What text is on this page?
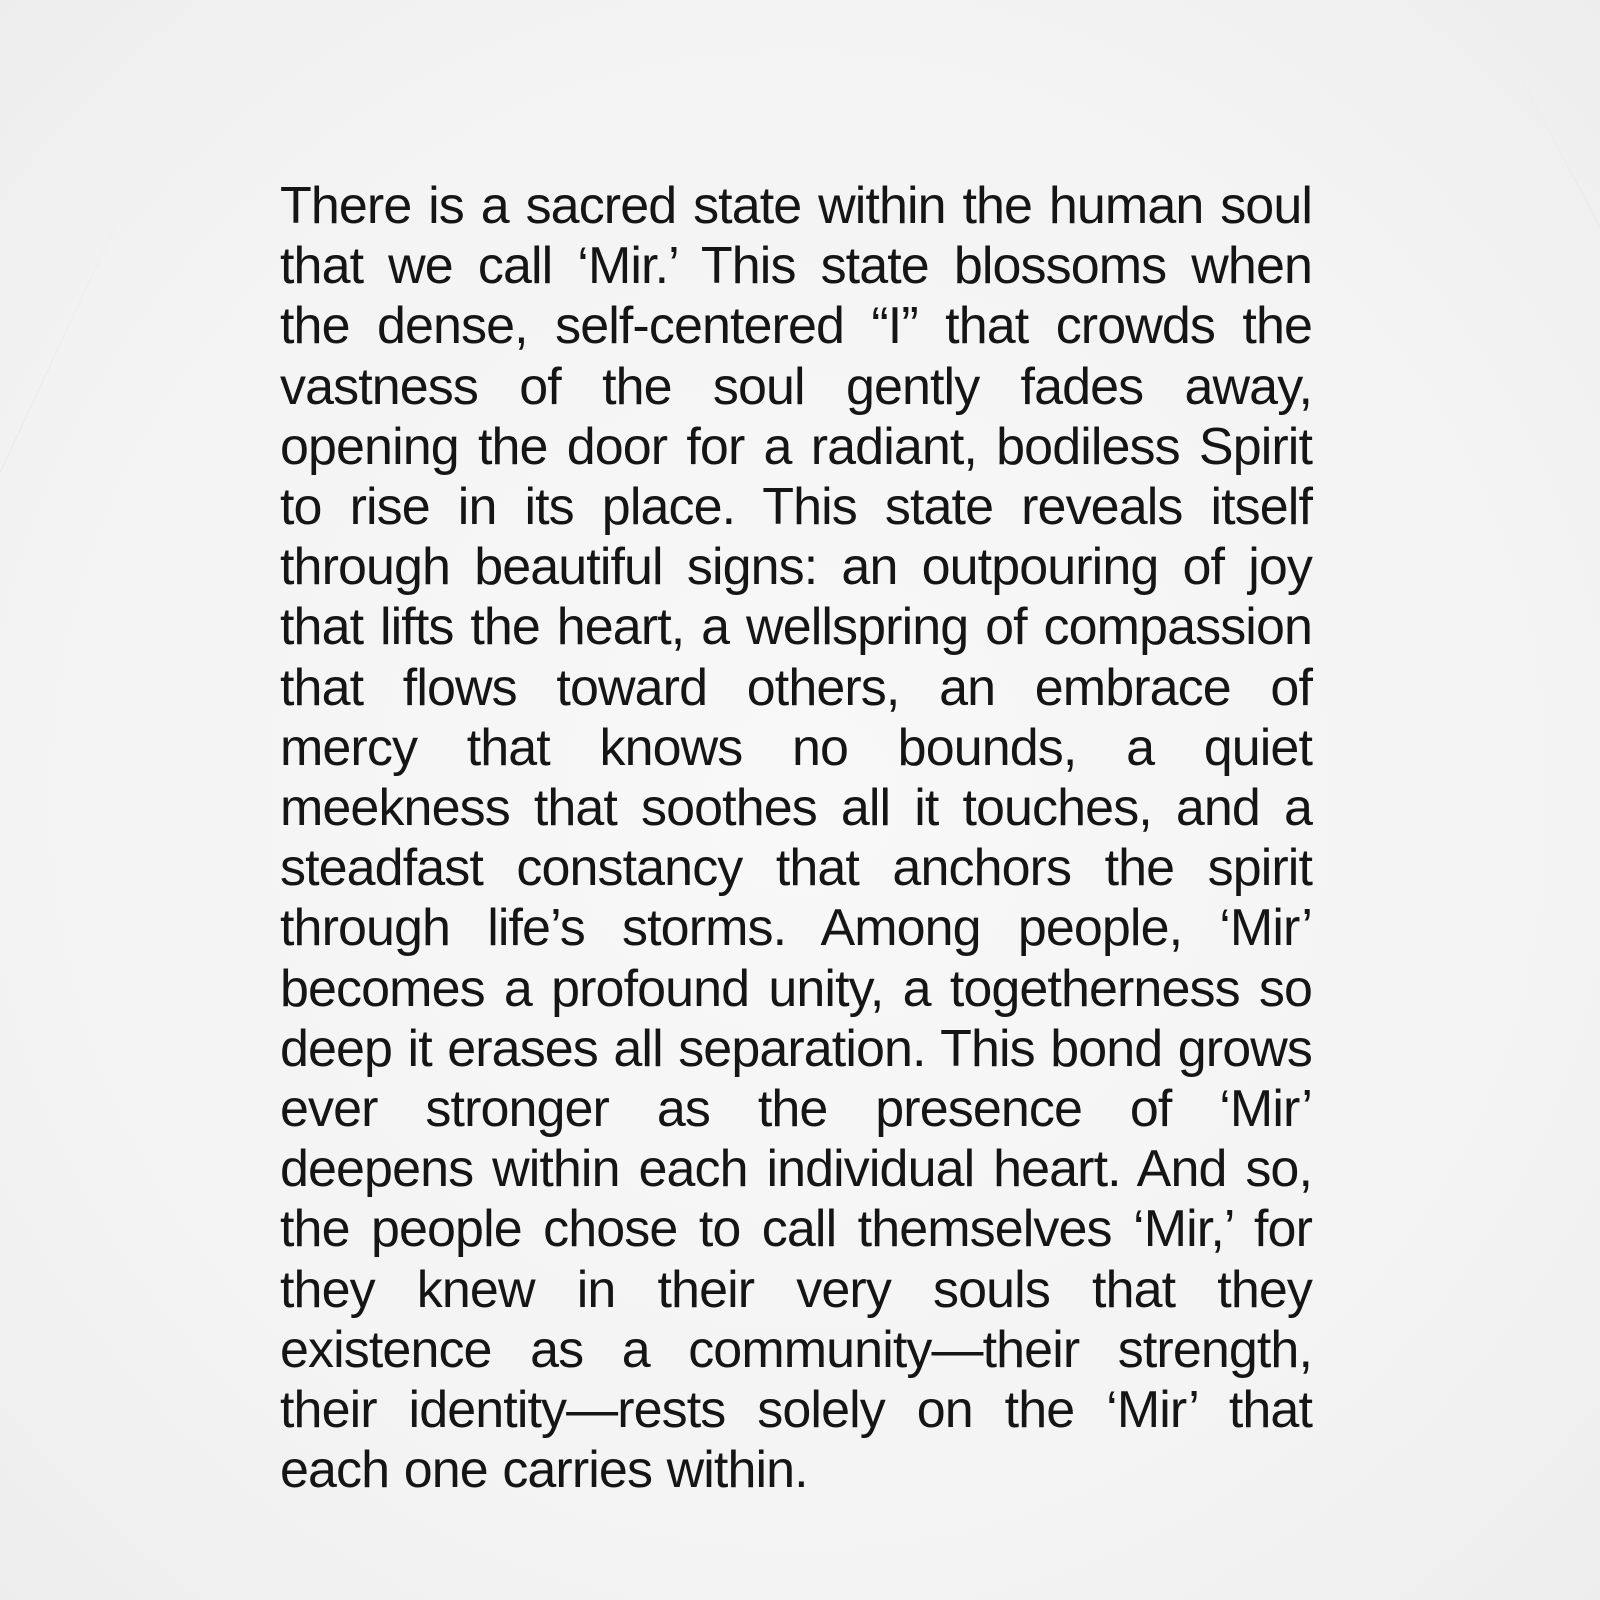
There is a sacred state within the human soul that we call ‘Mir.’ This state blossoms when the dense, self-centered “I” that crowds the vastness of the soul gently fades away, opening the door for a radiant, bodiless Spirit to rise in its place. This state reveals itself through beautiful signs: an outpouring of joy that lifts the heart, a wellspring of compassion that flows toward others, an embrace of mercy that knows no bounds, a quiet meekness that soothes all it touches, and a steadfast constancy that anchors the spirit through life’s storms. Among people, ‘Mir’ becomes a profound unity, a togetherness so deep it erases all separation. This bond grows ever stronger as the presence of ‘Mir’ deepens within each individual heart. And so, the people chose to call themselves ‘Mir,’ for they knew in their very souls that they existence as a community—their strength, their identity—rests solely on the ‘Mir’ that each one carries within.
